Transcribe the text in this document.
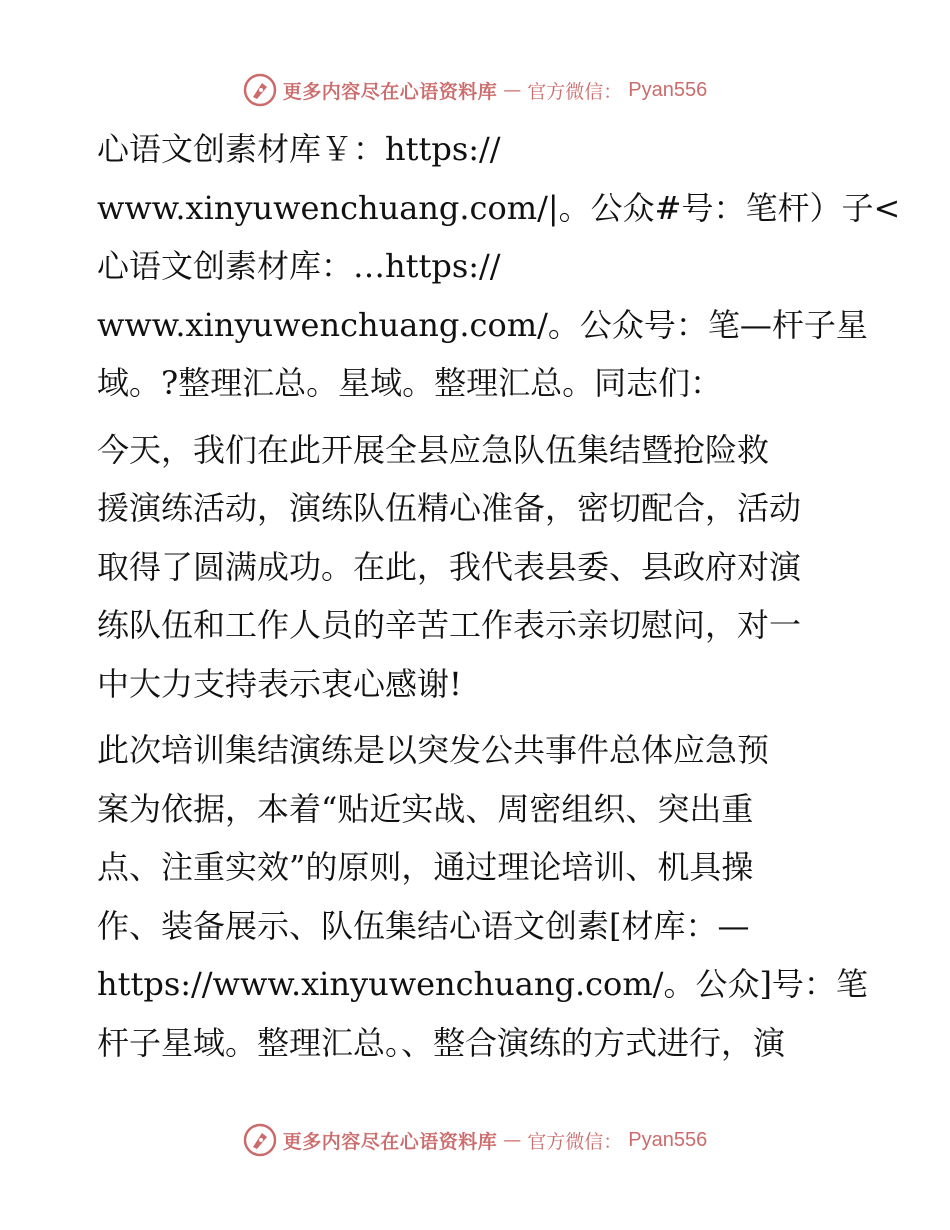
更多内容尽在心语资料库 — 官方微信： Pyan556

心语文创素材库￥：https://
www.xinyuwenchuang.com/|。公众#号：笔杆）子<
心语文创素材库：…https://
www.xinyuwenchuang.com/。公众号：笔—杆子星
域。?整理汇总。星域。整理汇总。同志们：

今天，我们在此开展全县应急队伍集结暨抢险救
援演练活动，演练队伍精心准备，密切配合，活动
取得了圆满成功。在此，我代表县委、县政府对演
练队伍和工作人员的辛苦工作表示亲切慰问，对一
中大力支持表示衷心感谢!

此次培训集结演练是以突发公共事件总体应急预
案为依据，本着“贴近实战、周密组织、突出重
点、注重实效”的原则，通过理论培训、机具操
作、装备展示、队伍集结心语文创素[材库：—
https://www.xinyuwenchuang.com/。公众]号：笔
杆子星域。整理汇总。、整合演练的方式进行，演

更多内容尽在心语资料库 — 官方微信： Pyan556
